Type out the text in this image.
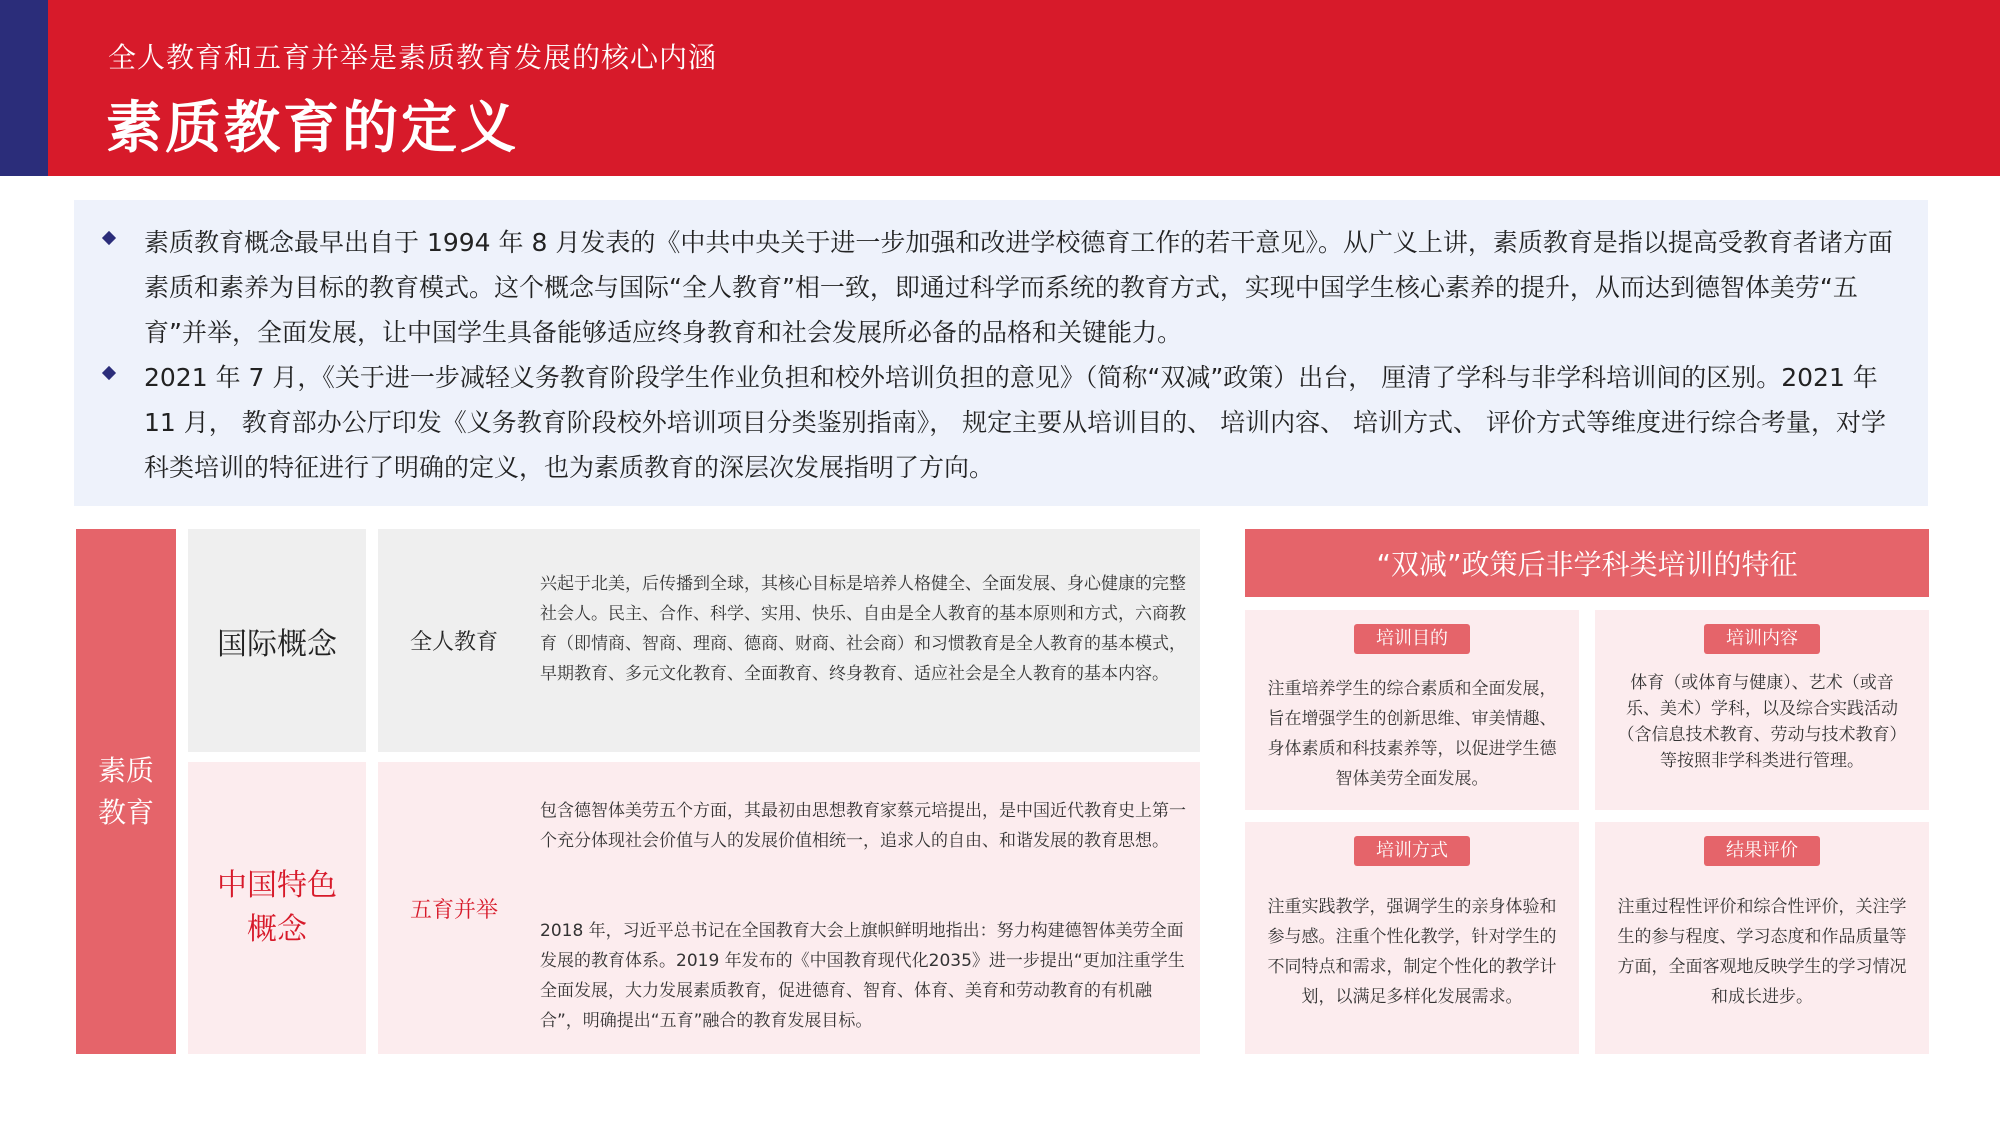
全人教育和五育并举是素质教育发展的核心内涵
素质教育的定义
素质教育概念最早出自于 1994 年 8 月发表的《中共中央关于进一步加强和改进学校德育工作的若干意见》。从广义上讲，素质教育是指以提高受教育者诸方面素质和素养为目标的教育模式。这个概念与国际“全人教育”相一致，即通过科学而系统的教育方式，实现中国学生核心素养的提升，从而达到德智体美劳“五育”并举，全面发展，让中国学生具备能够适应终身教育和社会发展所必备的品格和关键能力。
2021 年 7 月，《关于进一步减轻义务教育阶段学生作业负担和校外培训负担的意见》（简称“双减”政策）出台， 厘清了学科与非学科培训间的区别。2021 年 11 月， 教育部办公厅印发《义务教育阶段校外培训项目分类鉴别指南》， 规定主要从培训目的、 培训内容、 培训方式、 评价方式等维度进行综合考量，对学科类培训的特征进行了明确的定义，也为素质教育的深层次发展指明了方向。
素质教育
国际概念	全人教育
兴起于北美，后传播到全球，其核心目标是培养人格健全、全面发展、身心健康的完整社会人。民主、合作、科学、实用、快乐、自由是全人教育的基本原则和方式，六商教育（即情商、智商、理商、德商、财商、社会商）和习惯教育是全人教育的基本模式，早期教育、多元文化教育、全面教育、终身教育、适应社会是全人教育的基本内容。
中国特色概念
五育并举
包含德智体美劳五个方面，其最初由思想教育家蔡元培提出，是中国近代教育史上第一个充分体现社会价值与人的发展价值相统一，追求人的自由、和谐发展的教育思想。
2018 年，习近平总书记在全国教育大会上旗帜鲜明地指出：努力构建德智体美劳全面发展的教育体系。2019 年发布的《中国教育现代化2035》进一步提出“更加注重学生全面发展，大力发展素质教育，促进德育、智育、体育、美育和劳动教育的有机融合”，明确提出“五育”融合的教育发展目标。
“双减”政策后非学科类培训的特征
培训目的
注重培养学生的综合素质和全面发展，旨在增强学生的创新思维、审美情趣、身体素质和科技素养等，以促进学生德智体美劳全面发展。
培训内容
体育（或体育与健康）、艺术（或音乐、美术）学科，以及综合实践活动（含信息技术教育、劳动与技术教育）等按照非学科类进行管理。
培训方式
注重实践教学，强调学生的亲身体验和参与感。注重个性化教学，针对学生的不同特点和需求，制定个性化的教学计划，以满足多样化发展需求。
结果评价
注重过程性评价和综合性评价，关注学生的参与程度、学习态度和作品质量等方面，全面客观地反映学生的学习情况和成长进步。
